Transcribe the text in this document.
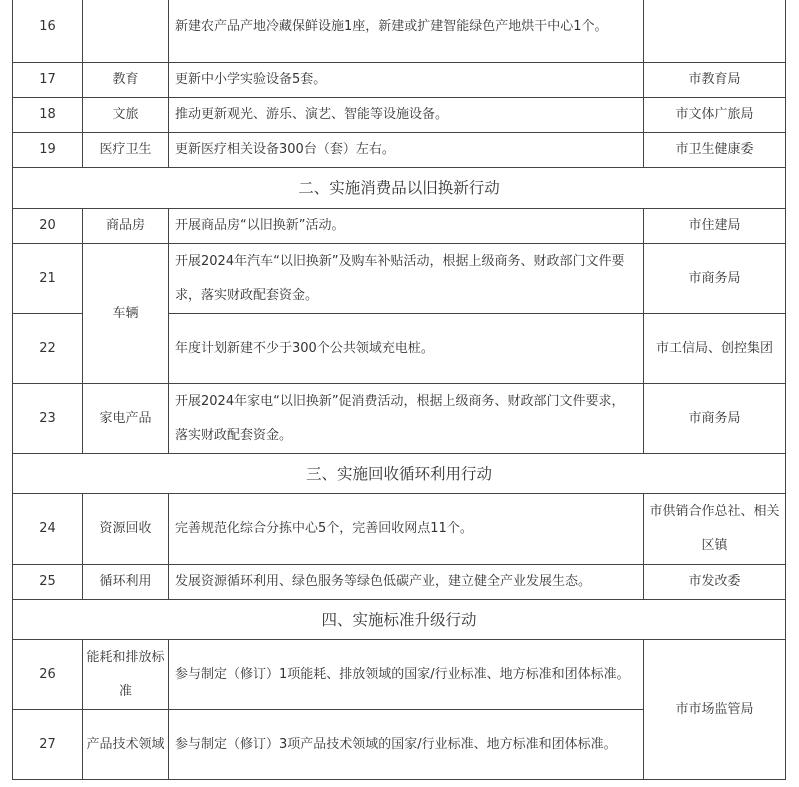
16		新建农产品产地冷藏保鲜设施1座，新建或扩建智能绿色产地烘干中心1个。	
17	教育	更新中小学实验设备5套。	市教育局
18	文旅	推动更新观光、游乐、演艺、智能等设施设备。	市文体广旅局
19	医疗卫生	更新医疗相关设备300台（套）左右。	市卫生健康委
二、实施消费品以旧换新行动			
20	商品房	开展商品房“以旧换新”活动。	市住建局
21	车辆	开展2024年汽车“以旧换新”及购车补贴活动，根据上级商务、财政部门文件要求，落实财政配套资金。	市商务局
22		年度计划新建不少于300个公共领域充电桩。	市工信局、创控集团
23	家电产品	开展2024年家电“以旧换新”促消费活动，根据上级商务、财政部门文件要求，落实财政配套资金。	市商务局
三、实施回收循环利用行动			
24	资源回收	完善规范化综合分拣中心5个，完善回收网点11个。	市供销合作总社、相关区镇
25	循环利用	发展资源循环利用、绿色服务等绿色低碳产业，建立健全产业发展生态。	市发改委
四、实施标准升级行动			
26	能耗和排放标准	参与制定（修订）1项能耗、排放领域的国家/行业标准、地方标准和团体标准。	市市场监管局
27	产品技术领域	参与制定（修订）3项产品技术领域的国家/行业标准、地方标准和团体标准。	
